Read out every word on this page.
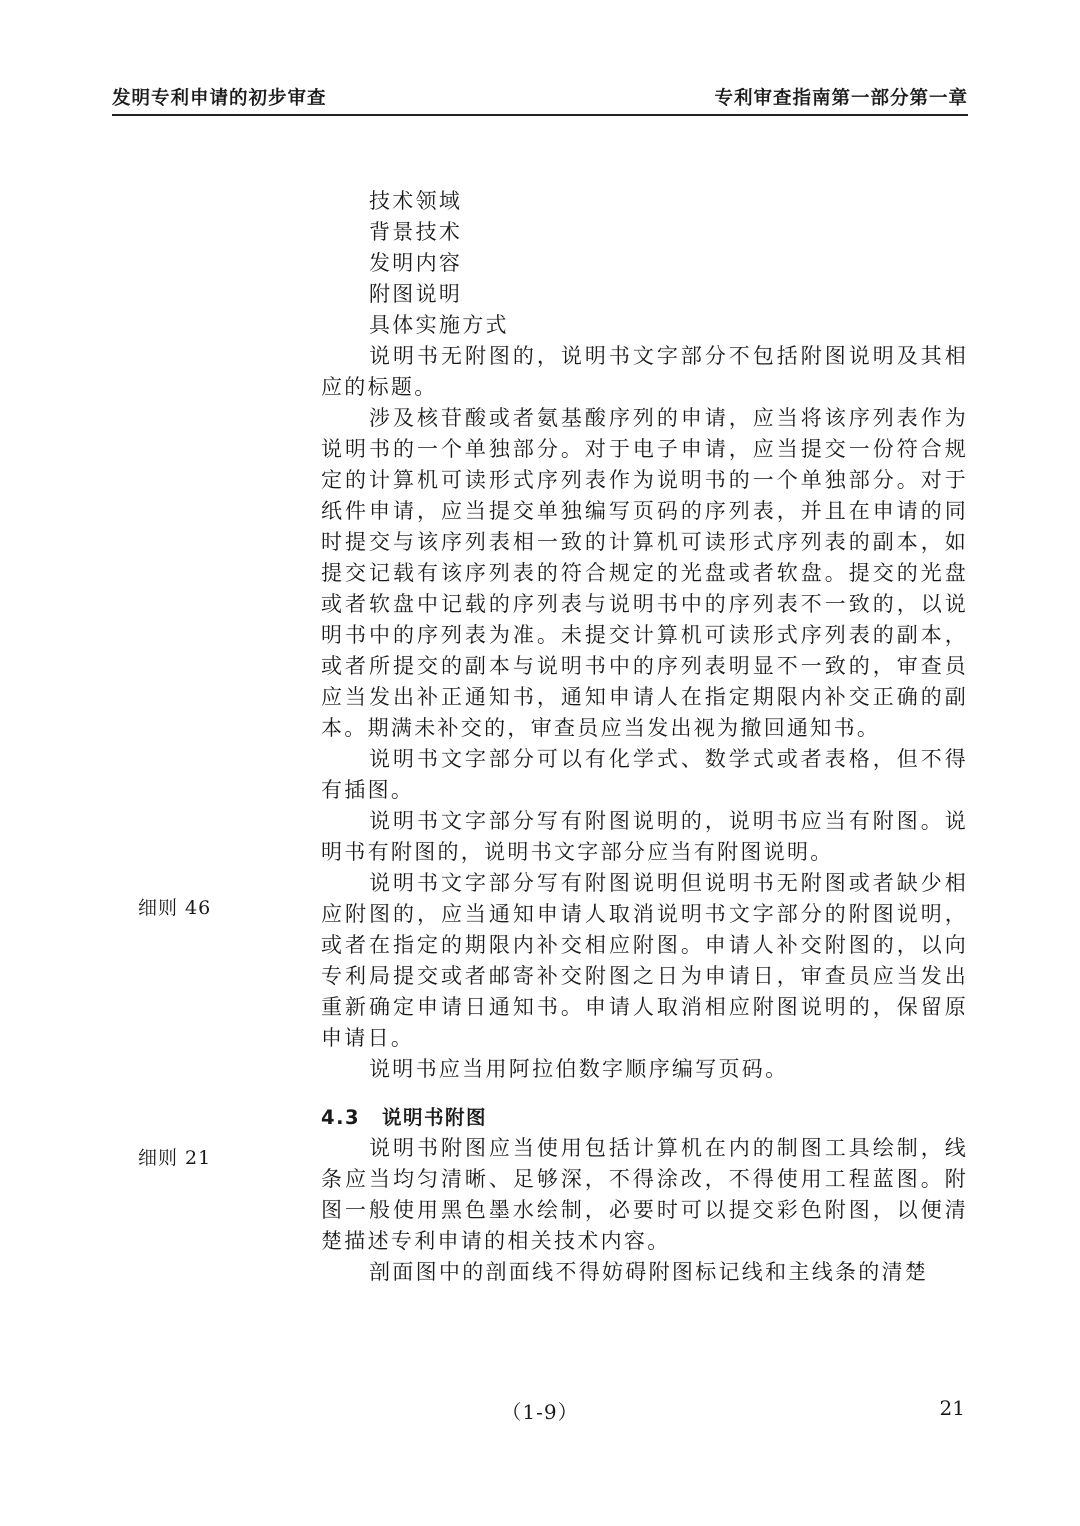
发明专利申请的初步审查	专利审查指南第一部分第一章
细则 46
细则 21
技术领域
背景技术
发明内容
附图说明
具体实施方式

说明书无附图的，说明书文字部分不包括附图说明及其相应的标题。

涉及核苷酸或者氨基酸序列的申请，应当将该序列表作为说明书的一个单独部分。对于电子申请，应当提交一份符合规定的计算机可读形式序列表作为说明书的一个单独部分。对于纸件申请，应当提交单独编写页码的序列表，并且在申请的同时提交与该序列表相一致的计算机可读形式序列表的副本，如提交记载有该序列表的符合规定的光盘或者软盘。提交的光盘或者软盘中记载的序列表与说明书中的序列表不一致的，以说明书中的序列表为准。未提交计算机可读形式序列表的副本，或者所提交的副本与说明书中的序列表明显不一致的，审查员应当发出补正通知书，通知申请人在指定期限内补交正确的副本。期满未补交的，审查员应当发出视为撤回通知书。

说明书文字部分可以有化学式、数学式或者表格，但不得有插图。

说明书文字部分写有附图说明的，说明书应当有附图。说明书有附图的，说明书文字部分应当有附图说明。

说明书文字部分写有附图说明但说明书无附图或者缺少相应附图的，应当通知申请人取消说明书文字部分的附图说明，或者在指定的期限内补交相应附图。申请人补交附图的，以向专利局提交或者邮寄补交附图之日为申请日，审查员应当发出重新确定申请日通知书。申请人取消相应附图说明的，保留原申请日。

说明书应当用阿拉伯数字顺序编写页码。

4.3 说明书附图

说明书附图应当使用包括计算机在内的制图工具绘制，线条应当均匀清晰、足够深，不得涂改，不得使用工程蓝图。附图一般使用黑色墨水绘制，必要时可以提交彩色附图，以便清楚描述专利申请的相关技术内容。

剖面图中的剖面线不得妨碍附图标记线和主线条的清楚

（1-9）	21
